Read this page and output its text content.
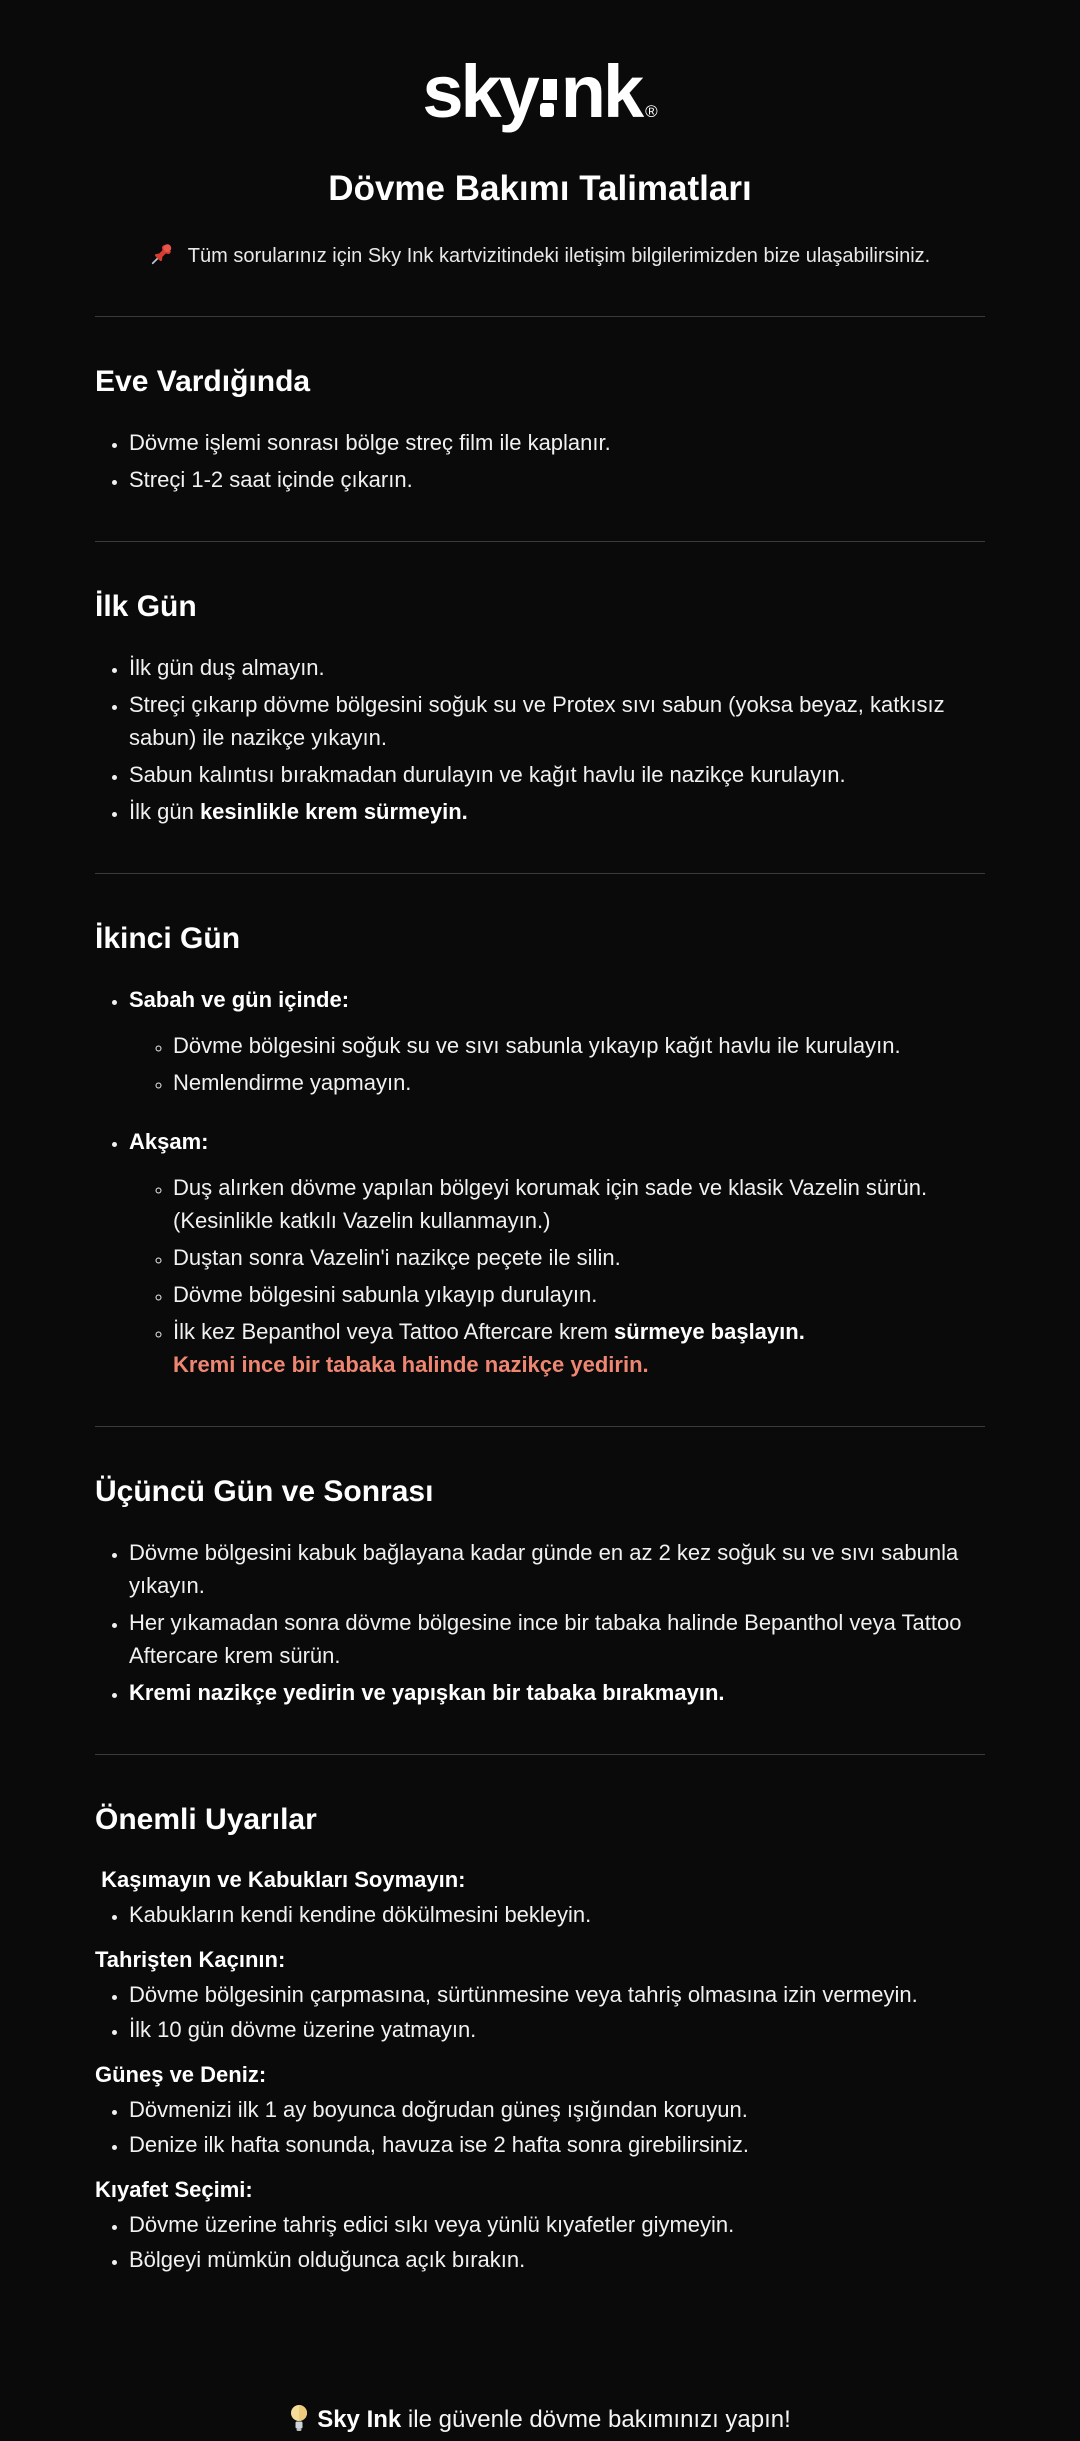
sky nk ®
Dövme Bakımı Talimatları
Tüm sorularınız için Sky Ink kartvizitindeki iletişim bilgilerimizden bize ulaşabilirsiniz.
Eve Vardığında
• Dövme işlemi sonrası bölge streç film ile kaplanır.
• Streçi 1-2 saat içinde çıkarın.
İlk Gün
• İlk gün duş almayın.
• Streçi çıkarıp dövme bölgesini soğuk su ve Protex sıvı sabun (yoksa beyaz, katkısız sabun) ile nazikçe yıkayın.
• Sabun kalıntısı bırakmadan durulayın ve kağıt havlu ile nazikçe kurulayın.
• İlk gün kesinlikle krem sürmeyin.
İkinci Gün
• Sabah ve gün içinde:
◦ Dövme bölgesini soğuk su ve sıvı sabunla yıkayıp kağıt havlu ile kurulayın.
◦ Nemlendirme yapmayın.
• Akşam:
◦ Duş alırken dövme yapılan bölgeyi korumak için sade ve klasik Vazelin sürün. (Kesinlikle katkılı Vazelin kullanmayın.)
◦ Duştan sonra Vazelin'i nazikçe peçete ile silin.
◦ Dövme bölgesini sabunla yıkayıp durulayın.
◦ İlk kez Bepanthol veya Tattoo Aftercare krem sürmeye başlayın.
Kremi ince bir tabaka halinde nazikçe yedirin.
Üçüncü Gün ve Sonrası
• Dövme bölgesini kabuk bağlayana kadar günde en az 2 kez soğuk su ve sıvı sabunla yıkayın.
• Her yıkamadan sonra dövme bölgesine ince bir tabaka halinde Bepanthol veya Tattoo Aftercare krem sürün.
• Kremi nazikçe yedirin ve yapışkan bir tabaka bırakmayın.
Önemli Uyarılar
Kaşımayın ve Kabukları Soymayın:
• Kabukların kendi kendine dökülmesini bekleyin.
Tahrişten Kaçının:
• Dövme bölgesinin çarpmasına, sürtünmesine veya tahriş olmasına izin vermeyin.
• İlk 10 gün dövme üzerine yatmayın.
Güneş ve Deniz:
• Dövmenizi ilk 1 ay boyunca doğrudan güneş ışığından koruyun.
• Denize ilk hafta sonunda, havuza ise 2 hafta sonra girebilirsiniz.
Kıyafet Seçimi:
• Dövme üzerine tahriş edici sıkı veya yünlü kıyafetler giymeyin.
• Bölgeyi mümkün olduğunca açık bırakın.
Sky Ink ile güvenle dövme bakımınızı yapın!
